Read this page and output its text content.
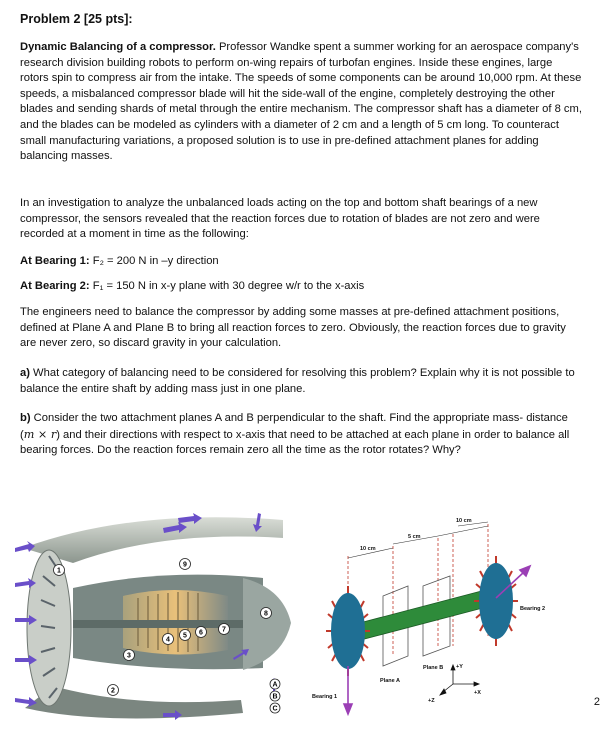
Problem 2 [25 pts]:

Dynamic Balancing of a compressor. Professor Wandke spent a summer working for an aerospace company's research division building robots to perform on-wing repairs of turbofan engines. Inside these engines, large rotors spin to compress air from the intake. The speeds of some components can be around 10,000 rpm. At these speeds, a misbalanced compressor blade will hit the side-wall of the engine, completely destroying the other blades and sending shards of metal through the entire mechanism. The compressor shaft has a diameter of 8 cm, and the blades can be modeled as cylinders with a diameter of 2 cm and a length of 5 cm long. To counteract small manufacturing variations, a proposed solution is to use in pre-defined attachment planes for adding balancing masses.

In an investigation to analyze the unbalanced loads acting on the top and bottom shaft bearings of a new compressor, the sensors revealed that the reaction forces due to rotation of blades are not zero and were recorded at a moment in time as the following:

At Bearing 1: F₂ = 200 N in –y direction

At Bearing 2: F₁ = 150 N in x-y plane with 30 degree w/r to the x-axis

The engineers need to balance the compressor by adding some masses at pre-defined attachment positions, defined at Plane A and Plane B to bring all reaction forces to zero. Obviously, the reaction forces due to gravity are never zero, so discard gravity in your calculation.

a) What category of balancing need to be considered for resolving this problem? Explain why it is not possible to balance the entire shaft by adding mass just in one plane.

b) Consider the two attachment planes A and B perpendicular to the shaft. Find the appropriate mass- distance (m × r) and their directions with respect to x-axis that need to be attached at each plane in order to balance all bearing forces. Do the reaction forces remain zero all the time as the rotor rotates? Why?

1
2
3
4
5 6	7
8
9
A
B
C
10 cm
5 cm
10 cm
+Y
+X
+Z
Plane B
Plane A
Bearing 1
Bearing 2
2
